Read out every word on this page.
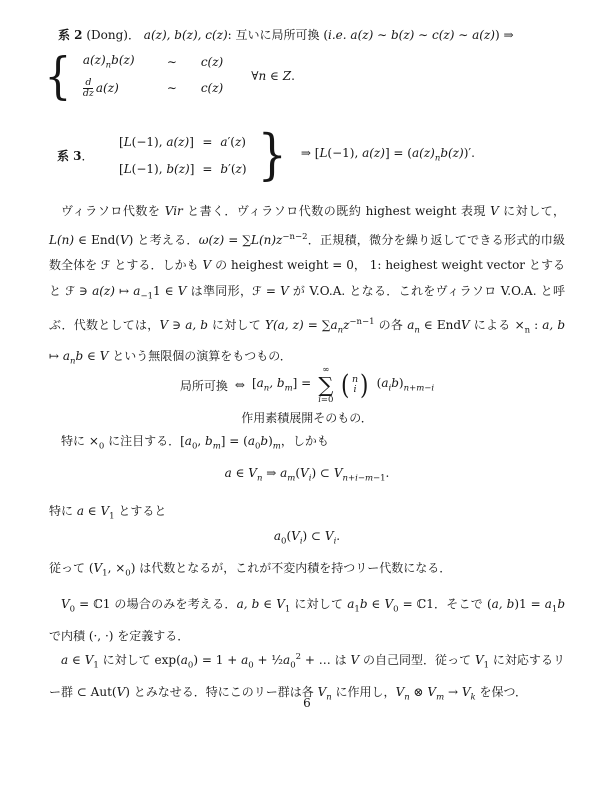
系 2 (Dong)． a(z), b(z), c(z): 互いに局所可換 (i.e. a(z) ∼ b(z) ∼ c(z) ∼ a(z)) ⇒
{ $a(z)_nb(z)$	∼	c(z)
$\frac{d}{dz} a(z)$	∼	c(z)
∀n ∈ Z.
系 3．
[L(−1), a(z)] = a′(z)
[L(−1), b(z)] = b′(z) } ⇒ [L(−1), $a(z)] = (a(z)_nb(z))'$.
ヴィラソロ代数を Vir と書く．ヴィラソロ代数の既約 highest weight 表現 V に対して，L(n) ∈ End(V) と考える．$\omega(z) = \sum L(n)z^{-n-2}$．正規積，微分を繰り返してできる形式的巾級数全体を ℱ とする．しかも V の heighest weight = 0， 1: heighest weight vector とすると ℱ ∋ a(z) ↦ $a_{-1}1$ ∈ V は準同形，ℱ = V が V.O.A. となる．これをヴィラソロ V.O.A. と呼ぶ．代数としては，V ∋ a, b に対して Y(a, $z) = \sum a_nz^{-n-1}$ の各 $a_n$ ∈ EndV による $\times_n$ : a, b ↦ $a_nb$ ∈ V という無限個の演算をもつもの．
局所可換 ⇔ [$a_n$, $b_m$] =
∞
∑
i=0 ( n
i ) $(a_ib)_{n+m-i}$
作用素積展開そのもの．
特に $\times_0$ に注目する．[$a_0$, $b_m] = (a_0b)_m$，しかも
a ∈ $V_n$ ⇒ $a_m(V_i)$ ⊂ $V_{n+i-m-1}$.
特に a ∈ $V_1$ とすると
$a_0(V_i)$ ⊂ $V_i$.
従って ($V_1$, $\times_0$) は代数となるが，これが不変内積を持つリー代数になる．
$V_0$ = ℂ1 の場合のみを考える．a, b ∈ $V_1$ に対して $a_1b$ ∈ $V_0$ = ℂ1．そこで (a, $b)1 = a_1b$ で内積 (·, ·) を定義する．
a ∈ $V_1$ に対して $\exp(a_0) = 1 + a_0$ + $\frac{1}{2}a_0^2$ + … は V の自己同型．従って $V_1$ に対応するリー群 ⊂ Aut(V) とみなせる．特にこのリー群は各 $V_n$ に作用し，$V_n$ ⊗ $V_m \to V_k$ を保つ．
6
